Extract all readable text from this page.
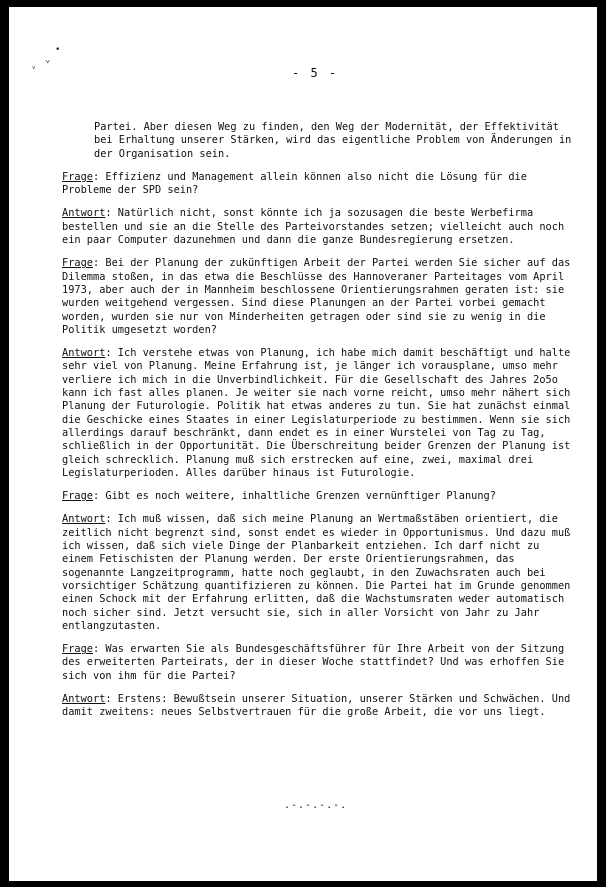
•
⌄
ᵛ	- 5 -

Partei. Aber diesen Weg zu finden, den Weg der Modernität, der Effektivität bei Erhaltung unserer Stärken, wird das eigentliche Problem von Änderungen in der Organisation sein.

Frage: Effizienz und Management allein können also nicht die Lösung für die Probleme der SPD sein?

Antwort: Natürlich nicht, sonst könnte ich ja sozusagen die beste Werbefirma bestellen und sie an die Stelle des Parteivorstandes setzen; vielleicht auch noch ein paar Computer dazunehmen und dann die ganze Bundesregierung ersetzen.

Frage: Bei der Planung der zukünftigen Arbeit der Partei werden Sie sicher auf das Dilemma stoßen, in das etwa die Beschlüsse des Hannoveraner Parteitages vom April 1973, aber auch der in Mannheim beschlossene Orientierungsrahmen geraten ist: sie wurden weitgehend vergessen. Sind diese Planungen an der Partei vorbei gemacht worden, wurden sie nur von Minderheiten getragen oder sind sie zu wenig in die Politik umgesetzt worden?

Antwort: Ich verstehe etwas von Planung, ich habe mich damit beschäftigt und halte sehr viel von Planung. Meine Erfahrung ist, je länger ich vorausplane, umso mehr verliere ich mich in die Unverbindlichkeit. Für die Gesellschaft des Jahres 2o5o kann ich fast alles planen. Je weiter sie nach vorne reicht, umso mehr nähert sich Planung der Futurologie. Politik hat etwas anderes zu tun. Sie hat zunächst einmal die Geschicke eines Staates in einer Legislaturperiode zu bestimmen. Wenn sie sich allerdings darauf beschränkt, dann endet es in einer Wurstelei von Tag zu Tag, schließlich in der Opportunität. Die Überschreitung beider Grenzen der Planung ist gleich schrecklich. Planung muß sich erstrecken auf eine, zwei, maximal drei Legislaturperioden. Alles darüber hinaus ist Futurologie.

Frage: Gibt es noch weitere, inhaltliche Grenzen vernünftiger Planung?

Antwort: Ich muß wissen, daß sich meine Planung an Wertmaßstäben orientiert, die zeitlich nicht begrenzt sind, sonst endet es wieder in Opportunismus. Und dazu muß ich wissen, daß sich viele Dinge der Planbarkeit entziehen. Ich darf nicht zu einem Fetischisten der Planung werden. Der erste Orientierungsrahmen, das sogenannte Langzeitprogramm, hatte noch geglaubt, in den Zuwachsraten auch bei vorsichtiger Schätzung quantifizieren zu können. Die Partei hat im Grunde genommen einen Schock mit der Erfahrung erlitten, daß die Wachstumsraten weder automatisch noch sicher sind. Jetzt versucht sie, sich in aller Vorsicht von Jahr zu Jahr entlangzutasten.

Frage: Was erwarten Sie als Bundesgeschäftsführer für Ihre Arbeit von der Sitzung des erweiterten Parteirats, der in dieser Woche stattfindet? Und was erhoffen Sie sich von ihm für die Partei?

Antwort: Erstens: Bewußtsein unserer Situation, unserer Stärken und Schwächen. Und damit zweitens: neues Selbstvertrauen für die große Arbeit, die vor uns liegt.

.-.-.-.-.
